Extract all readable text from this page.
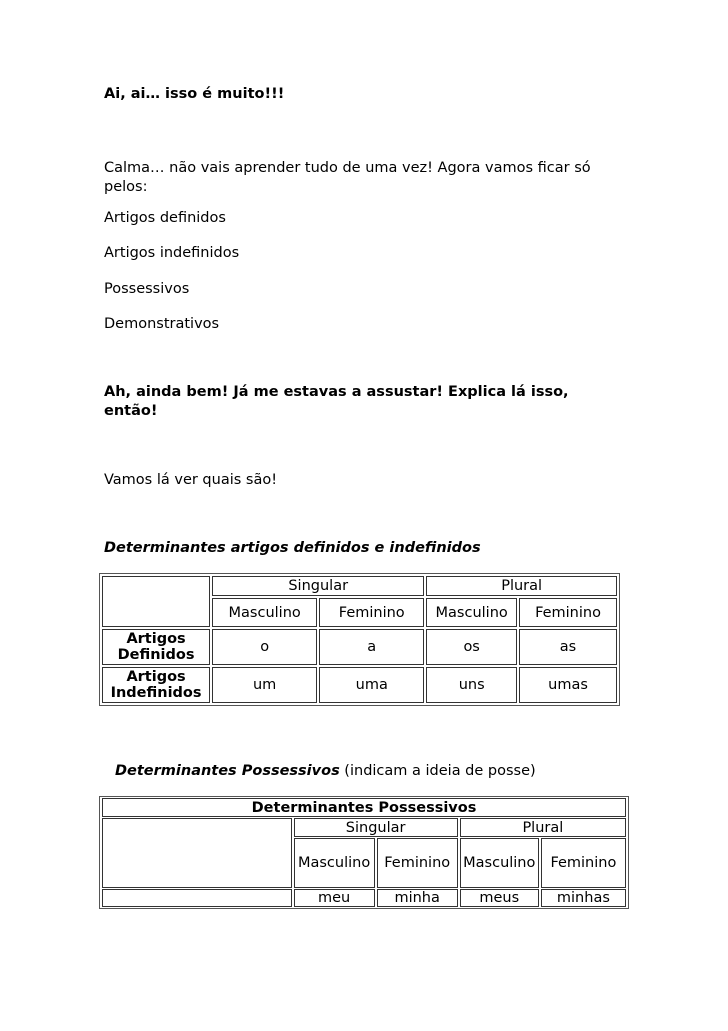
Ai, ai… isso é muito!!!
Calma… não vais aprender tudo de uma vez! Agora vamos ficar só
pelos:
Artigos definidos
Artigos indefinidos
Possessivos
Demonstrativos
Ah, ainda bem! Já me estavas a assustar! Explica lá isso,
então!
Vamos lá ver quais são!
Determinantes artigos definidos e indefinidos
	Singular		Plural	
	Masculino	Feminino	Masculino	Feminino
Artigos
Definidos	o	a	os	as
Artigos
Indefinidos	um	uma	uns	umas
Determinantes Possessivos (indicam a ideia de posse)
Determinantes Possessivos				
	Singular		Plural	
	Masculino	Feminino	Masculino	Feminino
	meu	minha	meus	minhas
